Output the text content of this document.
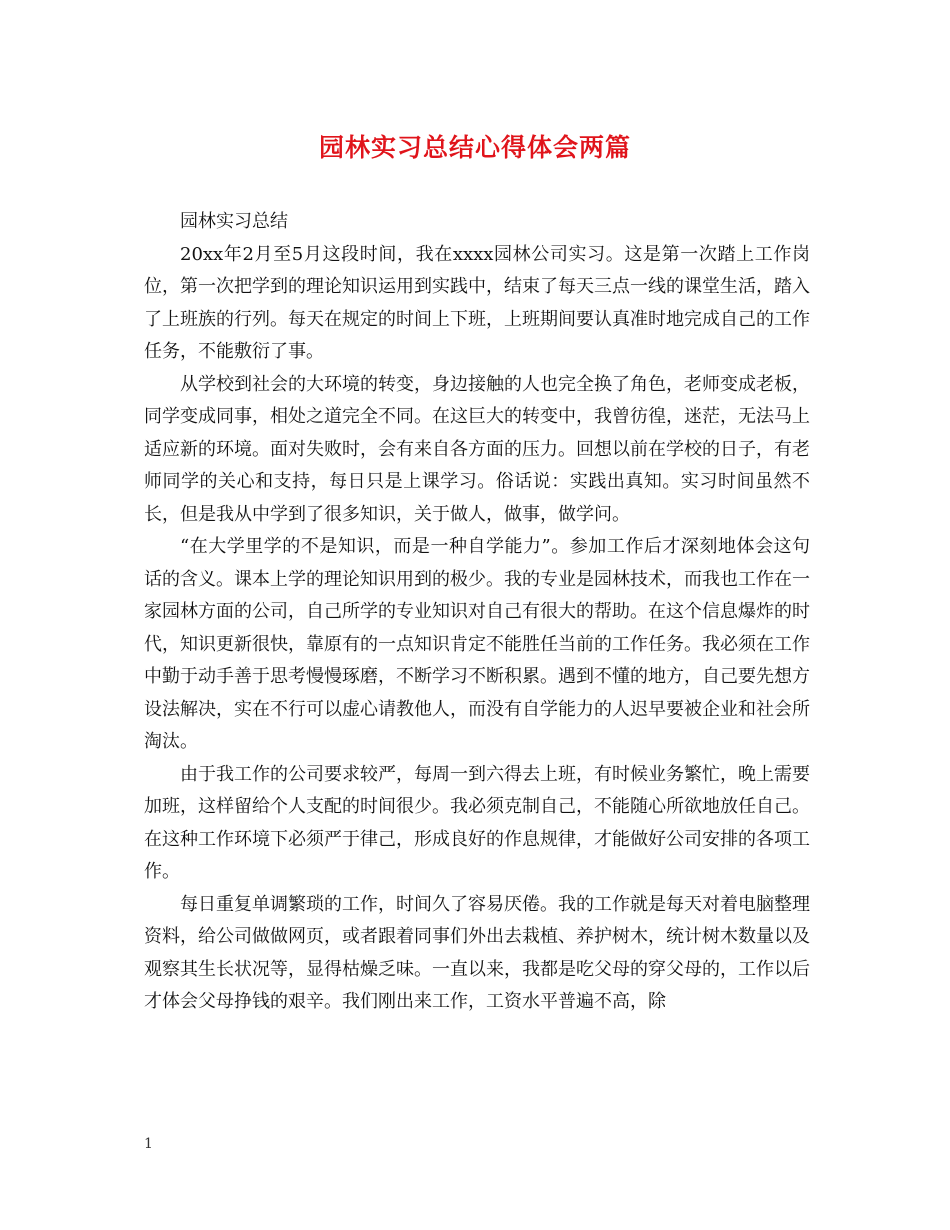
园林实习总结心得体会两篇

园林实习总结

20xx年2月至5月这段时间，我在xxxx园林公司实习。这是第一次踏上工作岗位，第一次把学到的理论知识运用到实践中，结束了每天三点一线的课堂生活，踏入了上班族的行列。每天在规定的时间上下班，上班期间要认真准时地完成自己的工作任务，不能敷衍了事。

从学校到社会的大环境的转变，身边接触的人也完全换了角色，老师变成老板，同学变成同事，相处之道完全不同。在这巨大的转变中，我曾彷徨，迷茫，无法马上适应新的环境。面对失败时，会有来自各方面的压力。回想以前在学校的日子，有老师同学的关心和支持，每日只是上课学习。俗话说：实践出真知。实习时间虽然不长，但是我从中学到了很多知识，关于做人，做事，做学问。

“在大学里学的不是知识，而是一种自学能力”。参加工作后才深刻地体会这句话的含义。课本上学的理论知识用到的极少。我的专业是园林技术，而我也工作在一家园林方面的公司，自己所学的专业知识对自己有很大的帮助。在这个信息爆炸的时代，知识更新很快，靠原有的一点知识肯定不能胜任当前的工作任务。我必须在工作中勤于动手善于思考慢慢琢磨，不断学习不断积累。遇到不懂的地方，自己要先想方设法解决，实在不行可以虚心请教他人，而没有自学能力的人迟早要被企业和社会所淘汰。

由于我工作的公司要求较严，每周一到六得去上班，有时候业务繁忙，晚上需要加班，这样留给个人支配的时间很少。我必须克制自己，不能随心所欲地放任自己。在这种工作环境下必须严于律己，形成良好的作息规律，才能做好公司安排的各项工作。

每日重复单调繁琐的工作，时间久了容易厌倦。我的工作就是每天对着电脑整理资料，给公司做做网页，或者跟着同事们外出去栽植、养护树木，统计树木数量以及观察其生长状况等，显得枯燥乏味。一直以来，我都是吃父母的穿父母的，工作以后才体会父母挣钱的艰辛。我们刚出来工作，工资水平普遍不高，除

1
